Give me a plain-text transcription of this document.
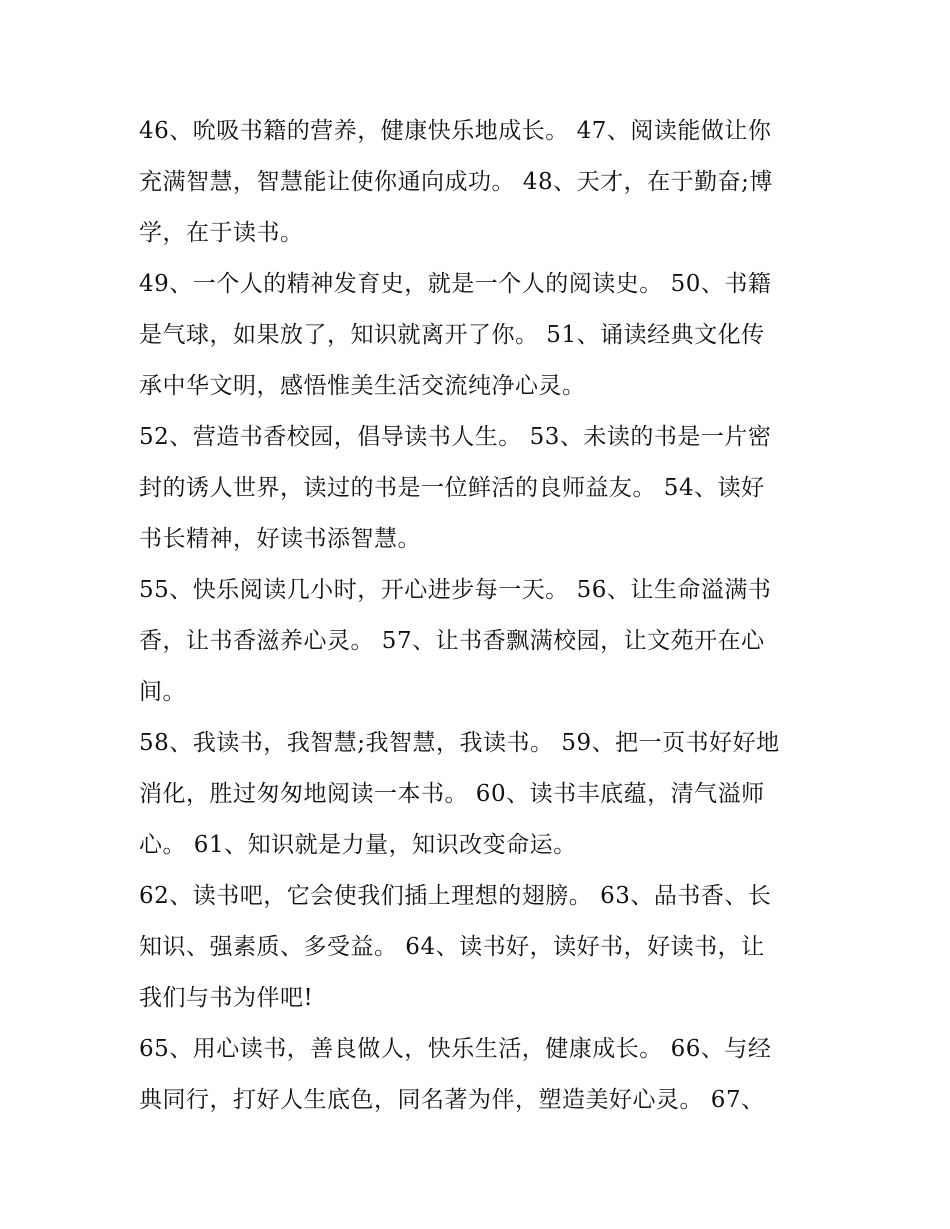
46、吮吸书籍的营养，健康快乐地成长。 47、阅读能做让你
充满智慧，智慧能让使你通向成功。 48、天才，在于勤奋;博
学，在于读书。
49、一个人的精神发育史，就是一个人的阅读史。 50、书籍
是气球，如果放了，知识就离开了你。 51、诵读经典文化传
承中华文明，感悟惟美生活交流纯净心灵。
52、营造书香校园，倡导读书人生。 53、未读的书是一片密
封的诱人世界，读过的书是一位鲜活的良师益友。 54、读好
书长精神，好读书添智慧。
55、快乐阅读几小时，开心进步每一天。 56、让生命溢满书
香，让书香滋养心灵。 57、让书香飘满校园，让文苑开在心
间。
58、我读书，我智慧;我智慧，我读书。 59、把一页书好好地
消化，胜过匆匆地阅读一本书。 60、读书丰底蕴，清气溢师
心。 61、知识就是力量，知识改变命运。
62、读书吧，它会使我们插上理想的翅膀。 63、品书香、长
知识、强素质、多受益。 64、读书好，读好书，好读书，让
我们与书为伴吧!
65、用心读书，善良做人，快乐生活，健康成长。 66、与经
典同行，打好人生底色，同名著为伴，塑造美好心灵。 67、
